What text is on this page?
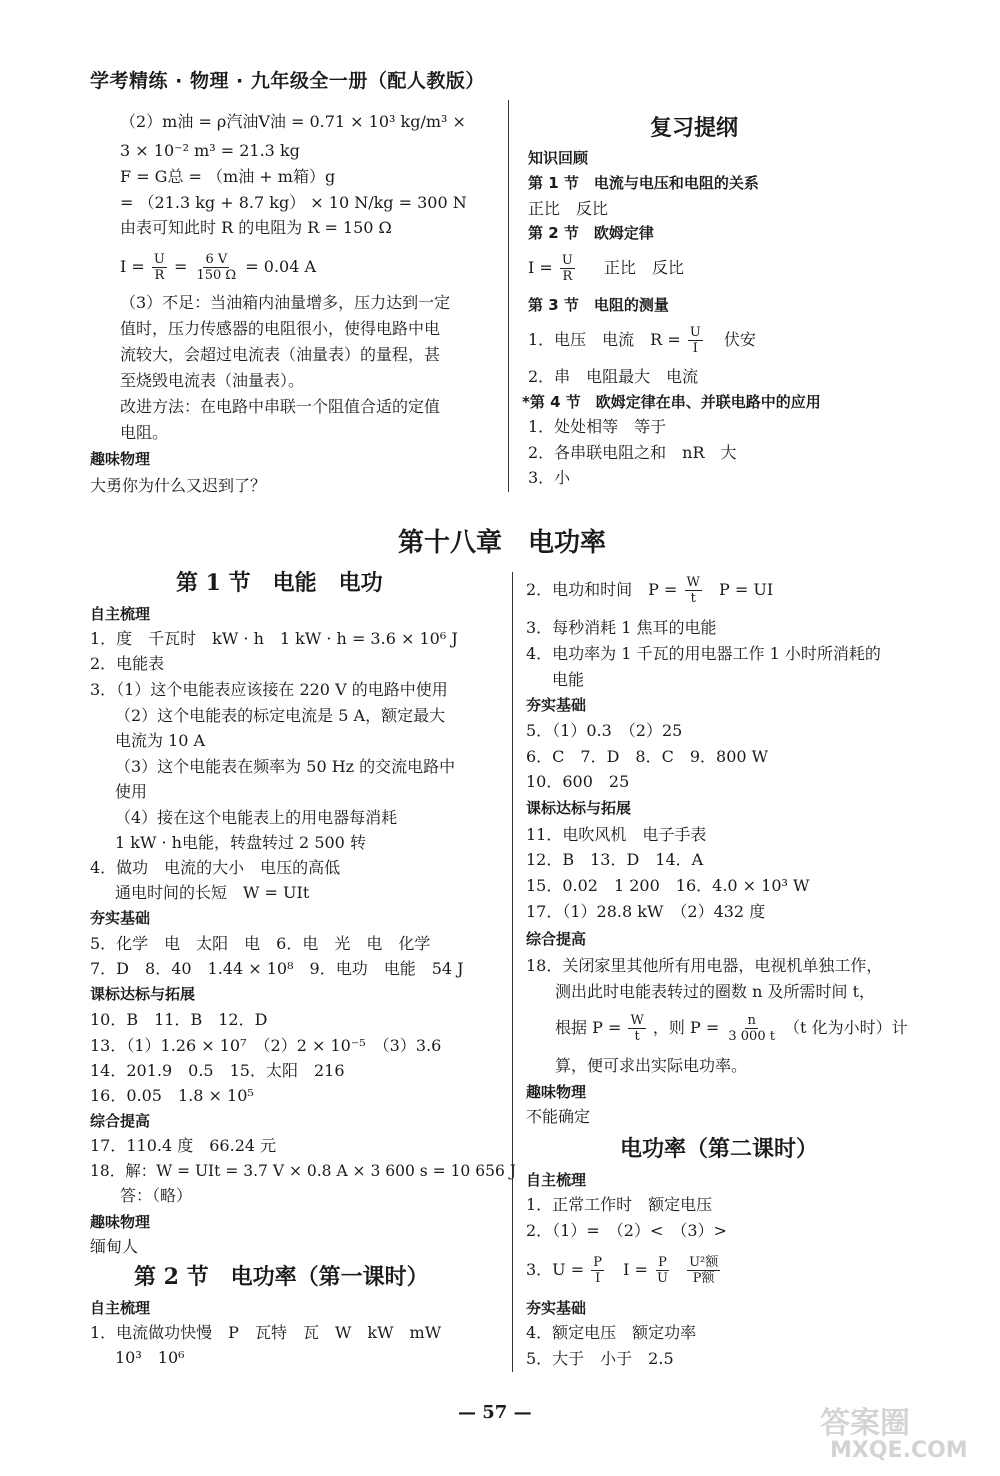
学考精练 · 物理 · 九年级全一册（配人教版）
（2）m油 = ρ汽油V油 = 0.71 × 10³ kg/m³ ×
3 × 10⁻² m³ = 21.3 kg
F = G总 = （m油 + m箱）g
= （21.3 kg + 8.7 kg） × 10 N/kg = 300 N
由表可知此时 R 的电阻为 R = 150 Ω
$I = \frac{U}{R} = \frac{6 V}{150 \Omega} = 0.04$ A
（3）不足：当油箱内油量增多，压力达到一定
值时，压力传感器的电阻很小，使得电路中电
流较大，会超过电流表（油量表）的量程，甚
至烧毁电流表（油量表）。
改进方法：在电路中串联一个阻值合适的定值
电阻。
趣味物理
大勇你为什么又迟到了？
复习提纲
知识回顾
第 1 节　电流与电压和电阻的关系
正比　反比
第 2 节　欧姆定律
$I = \frac{U}{R}$ 正比　反比
第 3 节　电阻的测量
1．电压　电流　$R = \frac{U}{I}$ 伏安
2．串　电阻最大　电流
*第 4 节　欧姆定律在串、并联电路中的应用
1．处处相等　等于
2．各串联电阻之和　nR　大
3．小
第十八章　电功率
第 1 节　电能　电功
自主梳理
1．度　千瓦时　kW · h　1 kW · h = 3.6 × 10⁶ J
2．电能表
3．（1）这个电能表应该接在 220 V 的电路中使用
（2）这个电能表的标定电流是 5 A，额定最大
电流为 10 A
（3）这个电能表在频率为 50 Hz 的交流电路中
使用
（4）接在这个电能表上的用电器每消耗
1 kW · h电能，转盘转过 2 500 转
4．做功　电流的大小　电压的高低
通电时间的长短　W = UIt
夯实基础
5．化学　电　太阳　电　6．电　光　电　化学
7．D　8．40　1.44 × 10⁸　9．电功　电能　54 J
课标达标与拓展
10．B　11．B　12．D
13．（1）1.26 × 10⁷　（2）2 × 10⁻⁵　（3）3.6
14．201.9　0.5　15．太阳　216
16．0.05　1.8 × 10⁵
综合提高
17．110.4 度　66.24 元
18．解：W = UIt = 3.7 V × 0.8 A × 3 600 s = 10 656 J
答：（略）
趣味物理
缅甸人
第 2 节　电功率（第一课时）
自主梳理
1．电流做功快慢　P　瓦特　瓦　W　kW　mW
10³　10⁶
2．电功和时间　$P = \frac{W}{t}$ P = UI
3．每秒消耗 1 焦耳的电能
4．电功率为 1 千瓦的用电器工作 1 小时所消耗的
电能
夯实基础
5．（1）0.3　（2）25
6．C　7．D　8．C　9．800 W
10．600　25
课标达标与拓展
11．电吹风机　电子手表
12．B　13．D　14．A
15．0.02　1 200　16．4.0 × 10³ W
17．（1）28.8 kW　（2）432 度
综合提高
18．关闭家里其他所有用电器，电视机单独工作，
测出此时电能表转过的圈数 n 及所需时间 t，
根据 $P = \frac{W}{t}$ ，则 $P = \frac{n}{3 000 t} (t$ 化为小时）计
算，便可求出实际电功率。
趣味物理
不能确定
电功率（第二课时）
自主梳理
1．正常工作时　额定电压
2．（1）=　（2）<　（3）>
3．$U = \frac{P}{I}$ $I = \frac{P}{U}$
$\frac{\text{U²额}}{\text{P额}}$
夯实基础
4．额定电压　额定功率
5．大于　小于　2.5
— 57 —	答案圈
MXQE.COM
